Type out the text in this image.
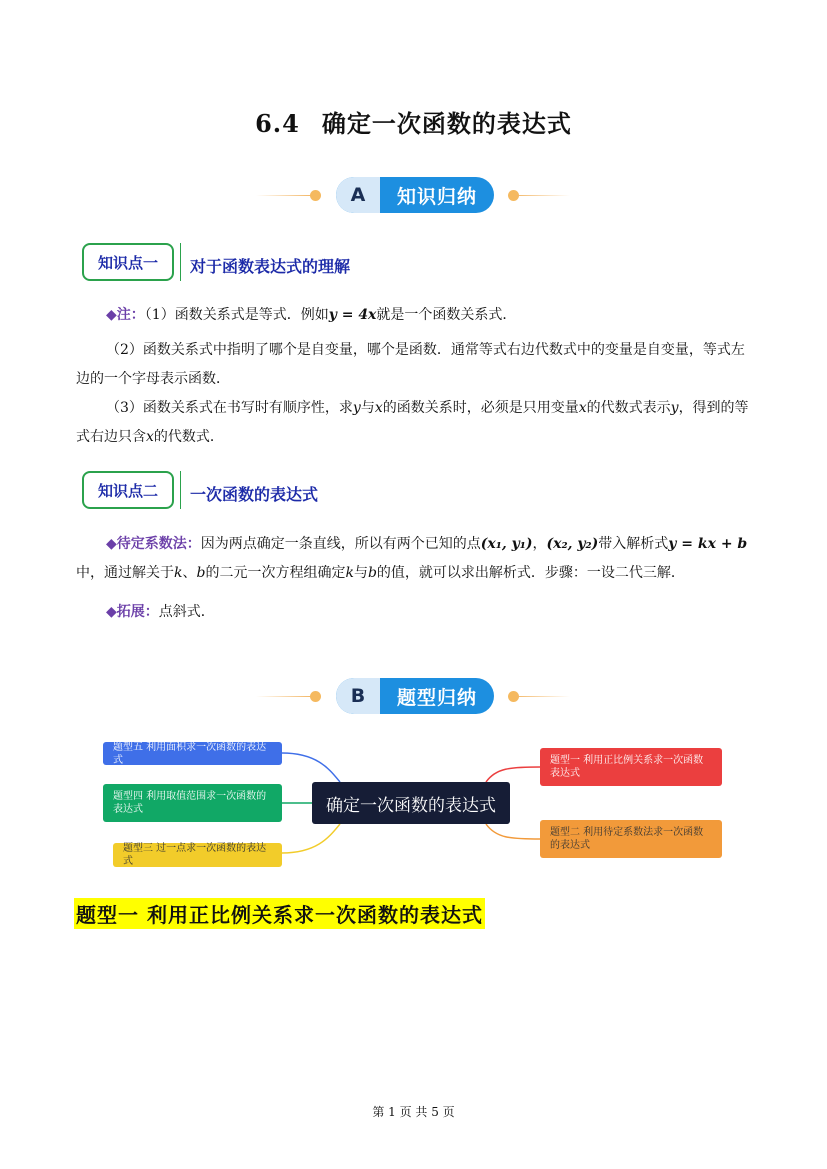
6.4 确定一次函数的表达式
A	知识归纳
知识点一	对于函数表达式的理解
◆注：（1）函数关系式是等式．例如y = 4x就是一个函数关系式．
（2）函数关系式中指明了哪个是自变量，哪个是函数．通常等式右边代数式中的变量是自变量，等式左边的一个字母表示函数．
（3）函数关系式在书写时有顺序性，求y与x的函数关系时，必须是只用变量x的代数式表示y，得到的等式右边只含x的代数式．
知识点二	一次函数的表达式
◆待定系数法：因为两点确定一条直线，所以有两个已知的点(x₁, y₁)，(x₂, y₂)带入解析式y = kx + b中，通过解关于k、b的二元一次方程组确定k与b的值，就可以求出解析式．步骤：一设二代三解．
◆拓展：点斜式．
B	题型归纳
确定一次函数的表达式
题型五 利用面积求一次函数的表达式
题型四 利用取值范围求一次函数的表达式
题型三 过一点求一次函数的表达式
题型一 利用正比例关系求一次函数表达式
题型二 利用待定系数法求一次函数的表达式
题型一 利用正比例关系求一次函数的表达式
第 1 页 共 5 页
